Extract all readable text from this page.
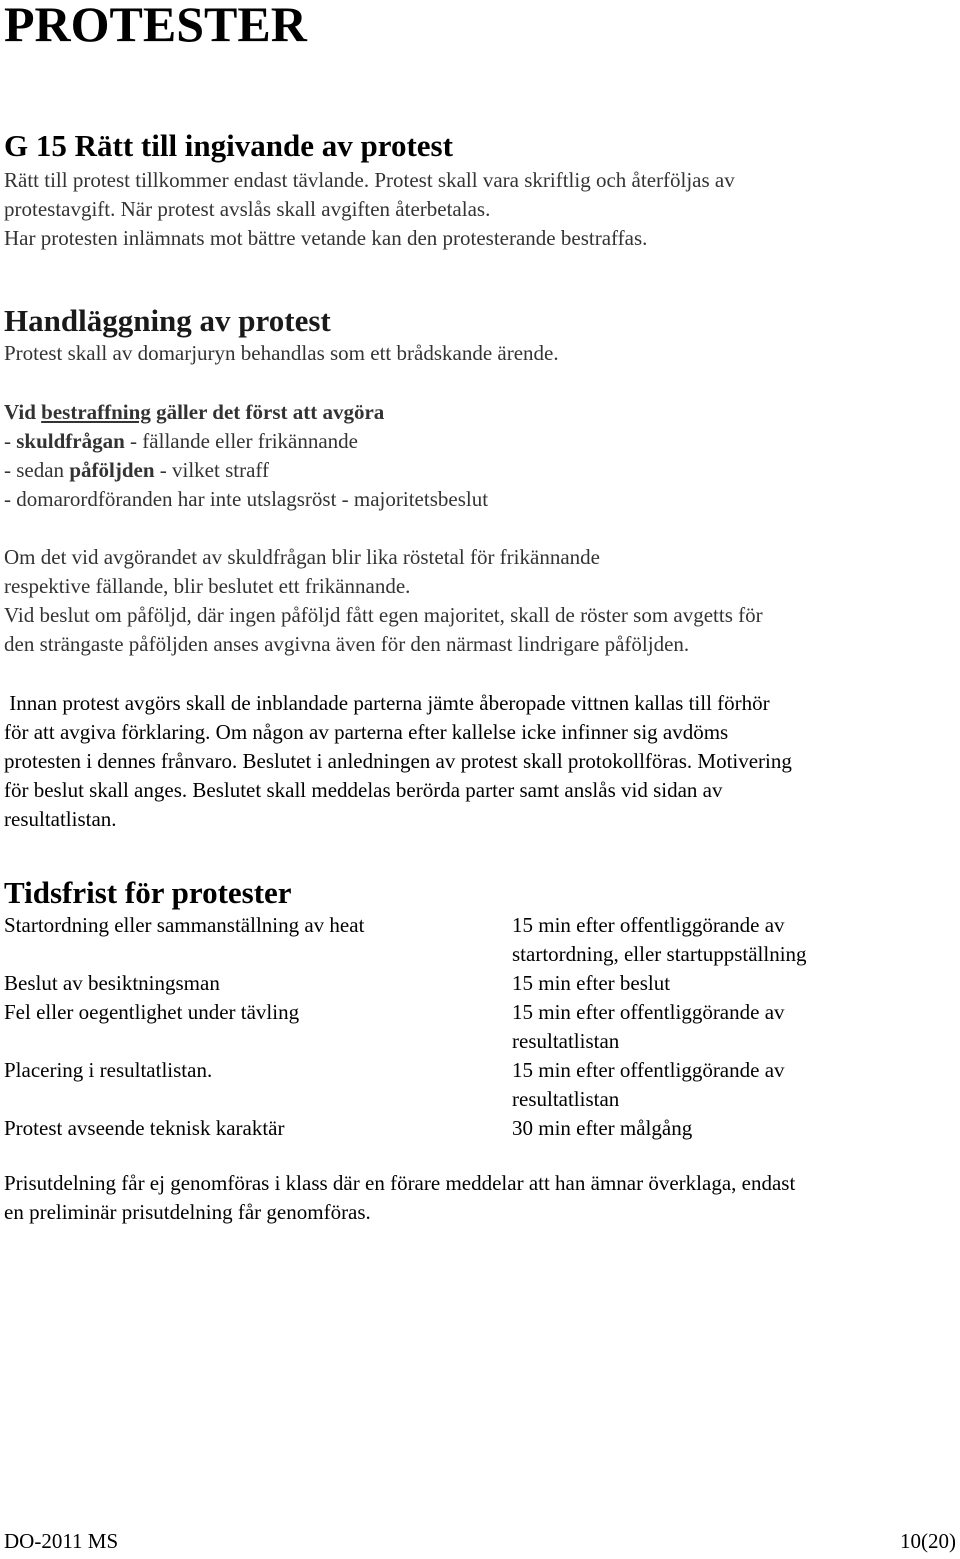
PROTESTER
G 15 Rätt till ingivande av protest
Rätt till protest tillkommer endast tävlande. Protest skall vara skriftlig och återföljas av
protestavgift. När protest avslås skall avgiften återbetalas.
Har protesten inlämnats mot bättre vetande kan den protesterande bestraffas.
Handläggning av protest
Protest skall av domarjuryn behandlas som ett brådskande ärende.
Vid bestraffning gäller det först att avgöra
- skuldfrågan - fällande eller frikännande
- sedan påföljden - vilket straff
- domarordföranden har inte utslagsröst - majoritetsbeslut
Om det vid avgörandet av skuldfrågan blir lika röstetal för frikännande
respektive fällande, blir beslutet ett frikännande.
Vid beslut om påföljd, där ingen påföljd fått egen majoritet, skall de röster som avgetts för
den strängaste påföljden anses avgivna även för den närmast lindrigare påföljden.
Innan protest avgörs skall de inblandade parterna jämte åberopade vittnen kallas till förhör
för att avgiva förklaring. Om någon av parterna efter kallelse icke infinner sig avdöms
protesten i dennes frånvaro. Beslutet i anledningen av protest skall protokollföras. Motivering
för beslut skall anges. Beslutet skall meddelas berörda parter samt anslås vid sidan av
resultatlistan.
Tidsfrist för protester
Startordning eller sammanställning av heat	15 min efter offentliggörande av
startordning, eller startuppställning
Beslut av besiktningsman	15 min efter beslut
Fel eller oegentlighet under tävling	15 min efter offentliggörande av
resultatlistan
Placering i resultatlistan.	15 min efter offentliggörande av
resultatlistan
Protest avseende teknisk karaktär	30 min efter målgång
Prisutdelning får ej genomföras i klass där en förare meddelar att han ämnar överklaga, endast
en preliminär prisutdelning får genomföras.
DO-2011 MS	10(20)
